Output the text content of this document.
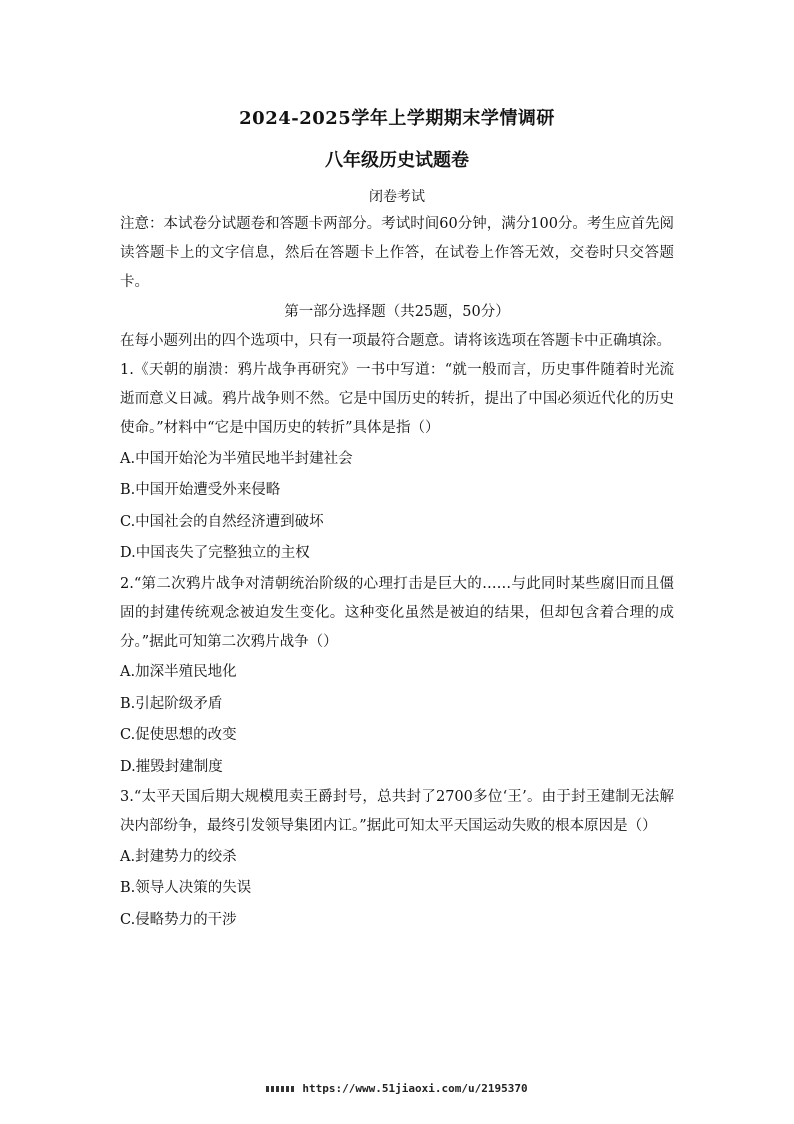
2024-2025学年上学期期末学情调研
八年级历史试题卷
闭卷考试

注意：本试卷分试题卷和答题卡两部分。考试时间60分钟，满分100分。考生应首先阅读答题卡上的文字信息，然后在答题卡上作答，在试卷上作答无效，交卷时只交答题卡。

第一部分选择题（共25题，50分）

在每小题列出的四个选项中，只有一项最符合题意。请将该选项在答题卡中正确填涂。

1.《天朝的崩溃：鸦片战争再研究》一书中写道：“就一般而言，历史事件随着时光流逝而意义日减。鸦片战争则不然。它是中国历史的转折，提出了中国必须近代化的历史使命。”材料中“它是中国历史的转折”具体是指（）

A.中国开始沦为半殖民地半封建社会

B.中国开始遭受外来侵略

C.中国社会的自然经济遭到破坏

D.中国丧失了完整独立的主权

2.“第二次鸦片战争对清朝统治阶级的心理打击是巨大的……与此同时某些腐旧而且僵固的封建传统观念被迫发生变化。这种变化虽然是被迫的结果，但却包含着合理的成分。”据此可知第二次鸦片战争（）

A.加深半殖民地化

B.引起阶级矛盾

C.促使思想的改变

D.摧毁封建制度

3.“太平天国后期大规模甩卖王爵封号，总共封了2700多位‘王’。由于封王建制无法解决内部纷争，最终引发领导集团内讧。”据此可知太平天国运动失败的根本原因是（）

A.封建势力的绞杀

B.领导人决策的失误

C.侵略势力的干涉

https://www.51jiaoxi.com/u/2195370
